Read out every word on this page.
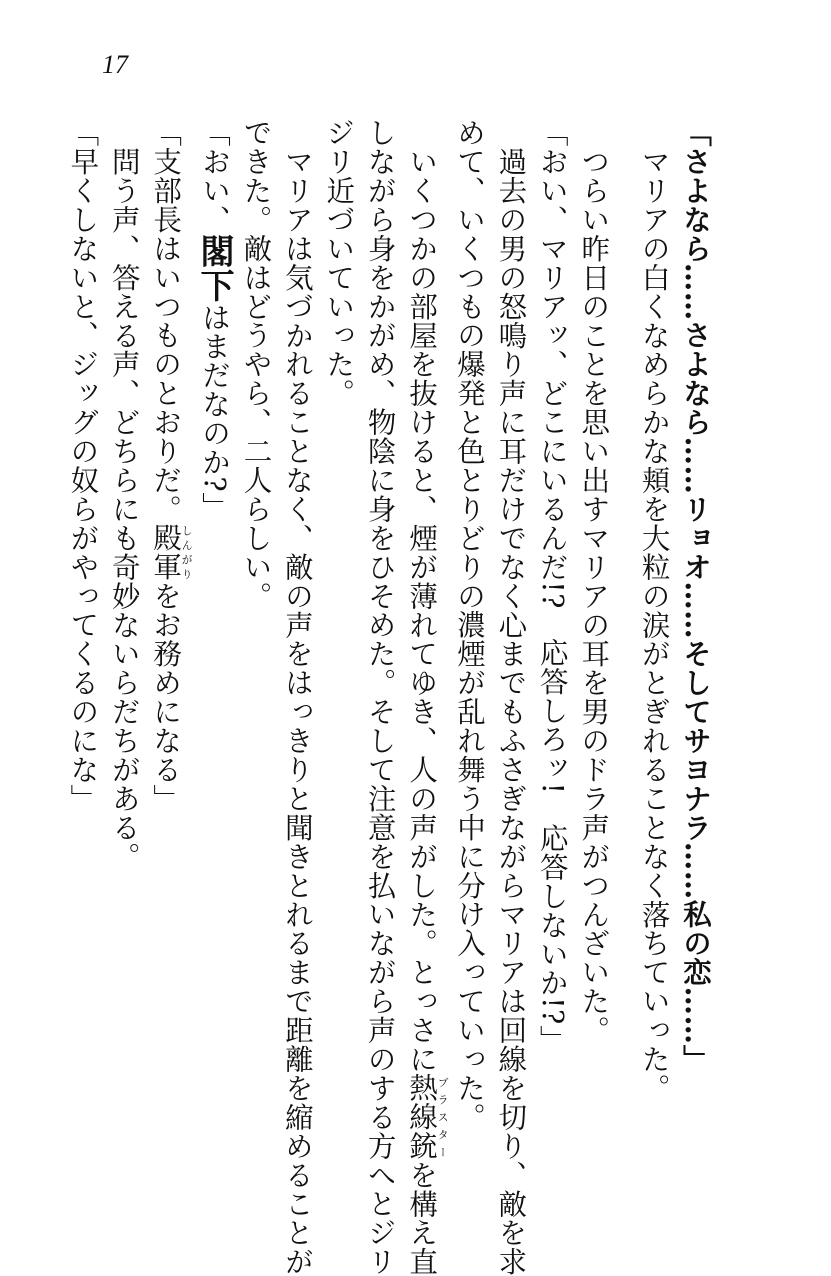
17
「さよなら……さよなら……リョオ……そしてサヨナラ……私の恋……」
マリアの白くなめらかな頬を大粒の涙がとぎれることなく落ちていった。
つらい昨日のことを思い出すマリアの耳を男のドラ声がつんざいた。
「おい、マリアッ、どこにいるんだ!?　応答しろッ!　応答しないか!?」
過去の男の怒鳴り声に耳だけでなく心までもふさぎながらマリアは回線を切り、敵を求
めて、いくつもの爆発と色とりどりの濃煙が乱れ舞う中に分け入っていった。
いくつかの部屋を抜けると、煙が薄れてゆき、人の声がした。とっさに熱線銃ブラスターを構え直
しながら身をかがめ、物陰に身をひそめた。そして注意を払いながら声のする方へとジリ
ジリ近づいていった。
マリアは気づかれることなく、敵の声をはっきりと聞きとれるまで距離を縮めることが
できた。敵はどうやら、二人らしい。
「おい、閣下はまだなのか?」
「支部長はいつものとおりだ。殿軍しんがりをお務めになる」
問う声、答える声、どちらにも奇妙ないらだちがある。
「早くしないと、ジッグの奴らがやってくるのにな」
